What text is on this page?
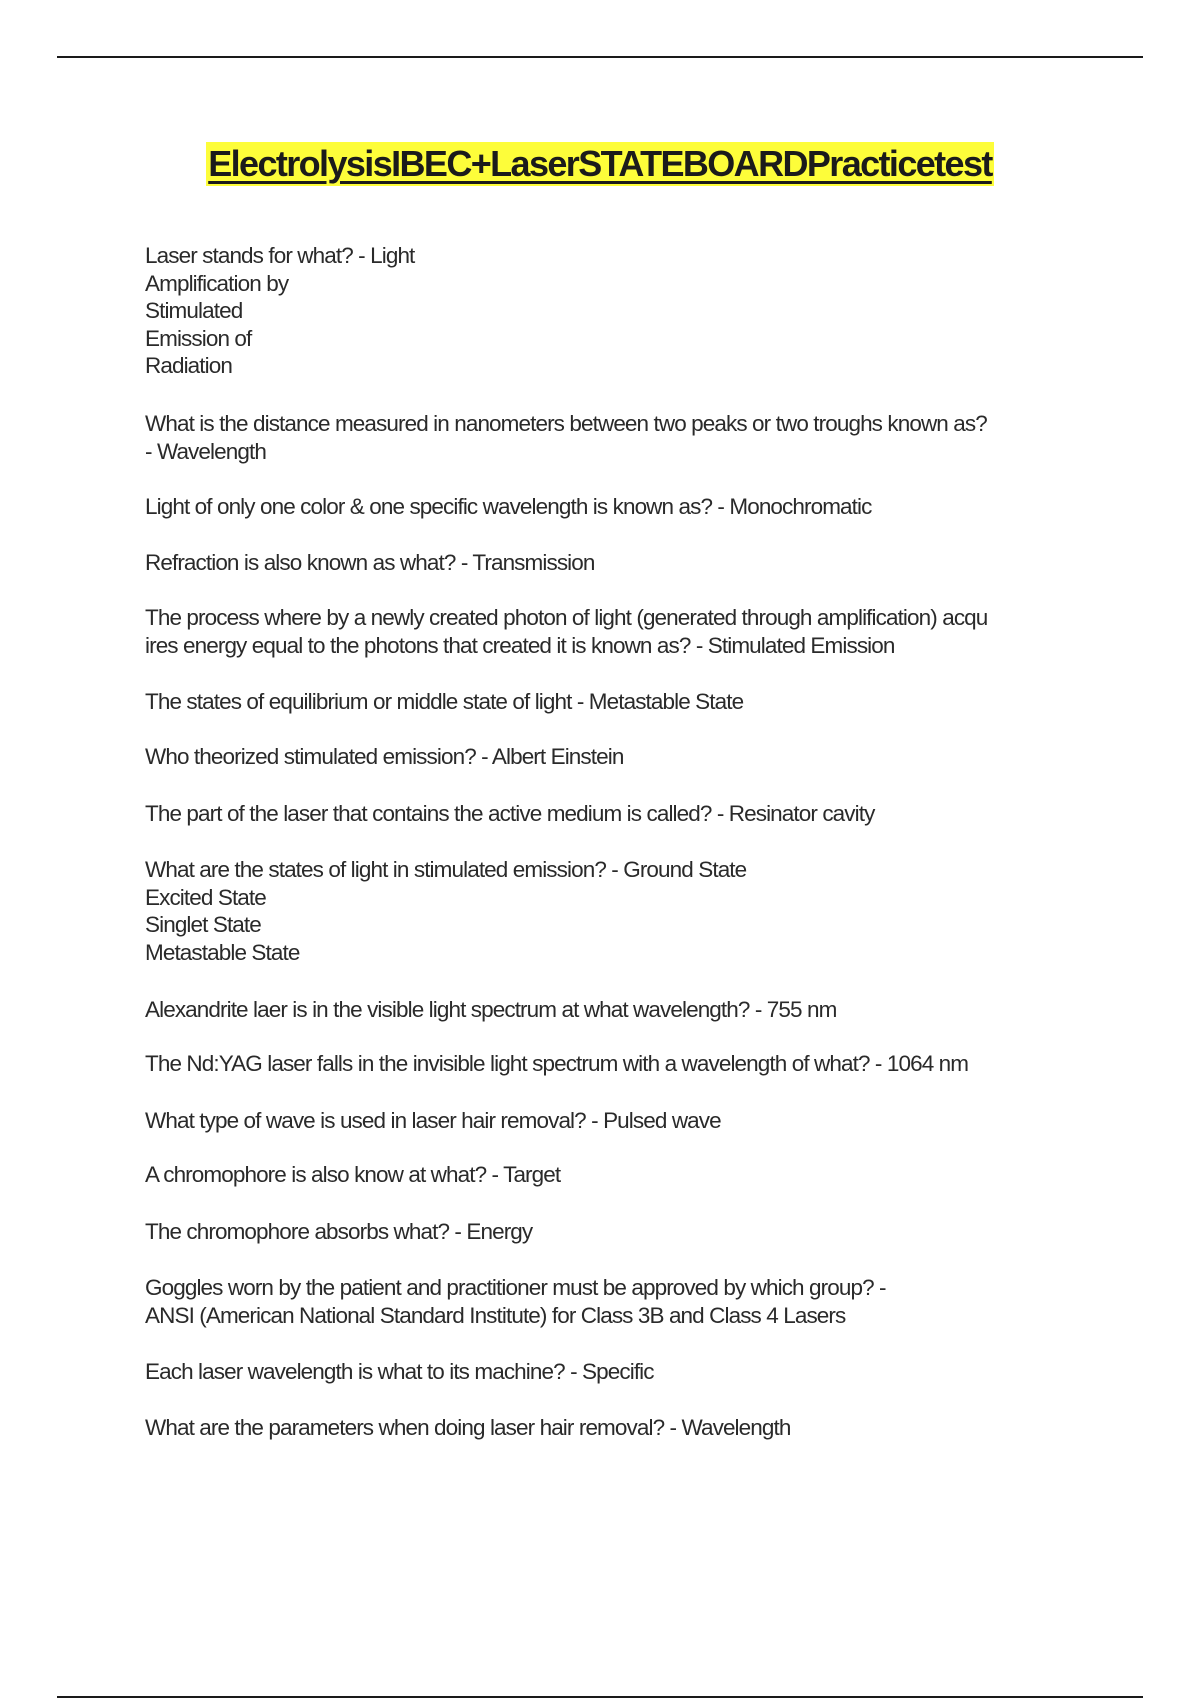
ElectrolysisIBEC+LaserSTATEBOARDPracticetest

Laser stands for what? - Light
Amplification by
Stimulated
Emission of
Radiation

What is the distance measured in nanometers between two peaks or two troughs known as?
- Wavelength

Light of only one color & one specific wavelength is known as? - Monochromatic

Refraction is also known as what? - Transmission

The process where by a newly created photon of light (generated through amplification) acqu
ires energy equal to the photons that created it is known as? - Stimulated Emission

The states of equilibrium or middle state of light - Metastable State

Who theorized stimulated emission? - Albert Einstein

The part of the laser that contains the active medium is called? - Resinator cavity

What are the states of light in stimulated emission? - Ground State
Excited State
Singlet State
Metastable State

Alexandrite laer is in the visible light spectrum at what wavelength? - 755 nm

The Nd:YAG laser falls in the invisible light spectrum with a wavelength of what? - 1064 nm

What type of wave is used in laser hair removal? - Pulsed wave

A chromophore is also know at what? - Target

The chromophore absorbs what? - Energy

Goggles worn by the patient and practitioner must be approved by which group? -
ANSI (American National Standard Institute) for Class 3B and Class 4 Lasers

Each laser wavelength is what to its machine? - Specific

What are the parameters when doing laser hair removal? - Wavelength
